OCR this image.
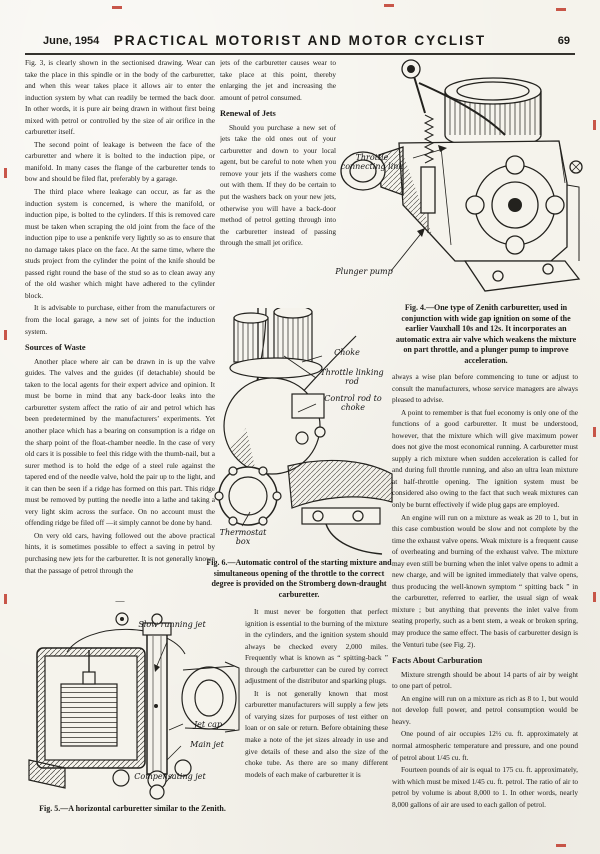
June, 1954	PRACTICAL MOTORIST AND MOTOR CYCLIST	69

Fig. 3, is clearly shown in the sectionised drawing. Wear can take the place in this spindle or in the body of the carburetter, and when this wear takes place it allows air to enter the induction system by what can readily be termed the back door. In other words, it is pure air being drawn in without first being mixed with petrol or controlled by the size of air orifice in the carburetter itself.

The second point of leakage is between the face of the carburetter and where it is bolted to the induction pipe, or manifold. In many cases the flange of the carburetter tends to bow and should be filed flat, preferably by a garage.

The third place where leakage can occur, as far as the induction system is concerned, is where the manifold, or induction pipe, is bolted to the cylinders. If this is removed care must be taken when scraping the old joint from the face of the induction pipe to use a penknife very lightly so as to ensure that no damage takes place on the face. At the same time, where the studs project from the cylinder the point of the knife should be passed right round the base of the stud so as to clean away any of the old washer which might have adhered to the cylinder block.

It is advisable to purchase, either from the manufacturers or from the local garage, a new set of joints for the induction system.

Sources of Waste

Another place where air can be drawn in is up the valve guides. The valves and the guides (if detachable) should be taken to the local agents for their expert advice and opinion. It must be borne in mind that any back-door leaks into the carburetter system affect the ratio of air and petrol which has been predetermined by the manufacturers’ experiments. Yet another place which has a bearing on consumption is a ridge on the sharp point of the float-chamber needle. In the case of very old cars it is possible to feel this ridge with the thumb-nail, but a surer method is to hold the edge of a steel rule against the tapered end of the needle valve, hold the pair up to the light, and it can then be seen if a ridge has formed on this part. This ridge must be removed by putting the needle into a lathe and taking a very light skim across the surface. On no account must the offending ridge be filed off —it simply cannot be done by hand.

On very old cars, having followed out the above practical hints, it is sometimes possible to effect a saving in petrol by purchasing new jets for the carburetter. It is not generally known that the passage of petrol through the

—

jets of the carburetter causes wear to take place at this point, thereby enlarging the jet and increasing the amount of petrol consumed.

Renewal of Jets

Should you purchase a new set of jets take the old ones out of your carburetter and down to your local agent, but be careful to note when you remove your jets if the washers come out with them. If they do be certain to put the washers back on your new jets, otherwise you will have a back-door method of petrol getting through into the carburetter instead of passing through the small jet orifice.

Throttle connecting link
Plunger pump
Fig. 4.—One type of Zenith carburetter, used in conjunction with wide gap ignition on some of the earlier Vauxhall 10s and 12s. It incorporates an automatic extra air valve which weakens the mixture on part throttle, and a plunger pump to improve acceleration.
Choke
Throttle linking rod
Control rod to choke
Thermostat box
Fig. 6.—Automatic control of the starting mixture and simultaneous opening of the throttle to the correct degree is provided on the Stromberg down-draught carburetter.

It must never be forgotten that perfect ignition is essential to the burning of the mixture in the cylinders, and the ignition system should always be checked every 2,000 miles. Frequently what is known as “ spitting-back ” through the carburetter can be cured by correct adjustment of the distributor and sparking plugs.

It is not generally known that most carburetter manufacturers will supply a few jets of varying sizes for purposes of test either on loan or on sale or return. Before obtaining these make a note of the jet sizes already in use and give details of these and also the size of the choke tube. As there are so many different models of each make of carburetter it is

always a wise plan before commencing to tune or adjust to consult the manufacturers, whose service managers are always pleased to advise.

A point to remember is that fuel economy is only one of the functions of a good carburetter. It must be understood, however, that the mixture which will give maximum power does not give the most economical running. A carburetter must supply a rich mixture when sudden acceleration is called for and during full throttle running, and also an ultra lean mixture at half-throttle opening. The ignition system must be considered also owing to the fact that such weak mixtures can only be burnt effectively if wide plug gaps are employed.

An engine will run on a mixture as weak as 20 to 1, but in this case combustion would be slow and not complete by the time the exhaust valve opens. Weak mixture is a frequent cause of overheating and burning of the exhaust valve. The mixture may even still be burning when the inlet valve opens to admit a new charge, and will be ignited immediately that valve opens, thus producing the well-known symptom “ spitting back ” in the carburetter, referred to earlier, the usual sign of weak mixture ; but anything that prevents the inlet valve from seating properly, such as a bent stem, a weak or broken spring, may produce the same effect. The basis of carburetter design is the Venturi tube (see Fig. 2).

Facts About Carburation

Mixture strength should be about 14 parts of air by weight to one part of petrol.

An engine will run on a mixture as rich as 8 to 1, but would not develop full power, and petrol consumption would be heavy.

One pound of air occupies 12½ cu. ft. approximately at normal atmospheric temperature and pressure, and one pound of petrol about 1/45 cu. ft.

Fourteen pounds of air is equal to 175 cu. ft. approximately, with which must be mixed 1/45 cu. ft. petrol. The ratio of air to petrol by volume is about 8,000 to 1. In other words, nearly 8,000 gallons of air are used to each gallon of petrol.

Slow running jet
Jet cap
Main jet
Compensating jet
Fig. 5.—A horizontal carburetter similar to the Zenith.
